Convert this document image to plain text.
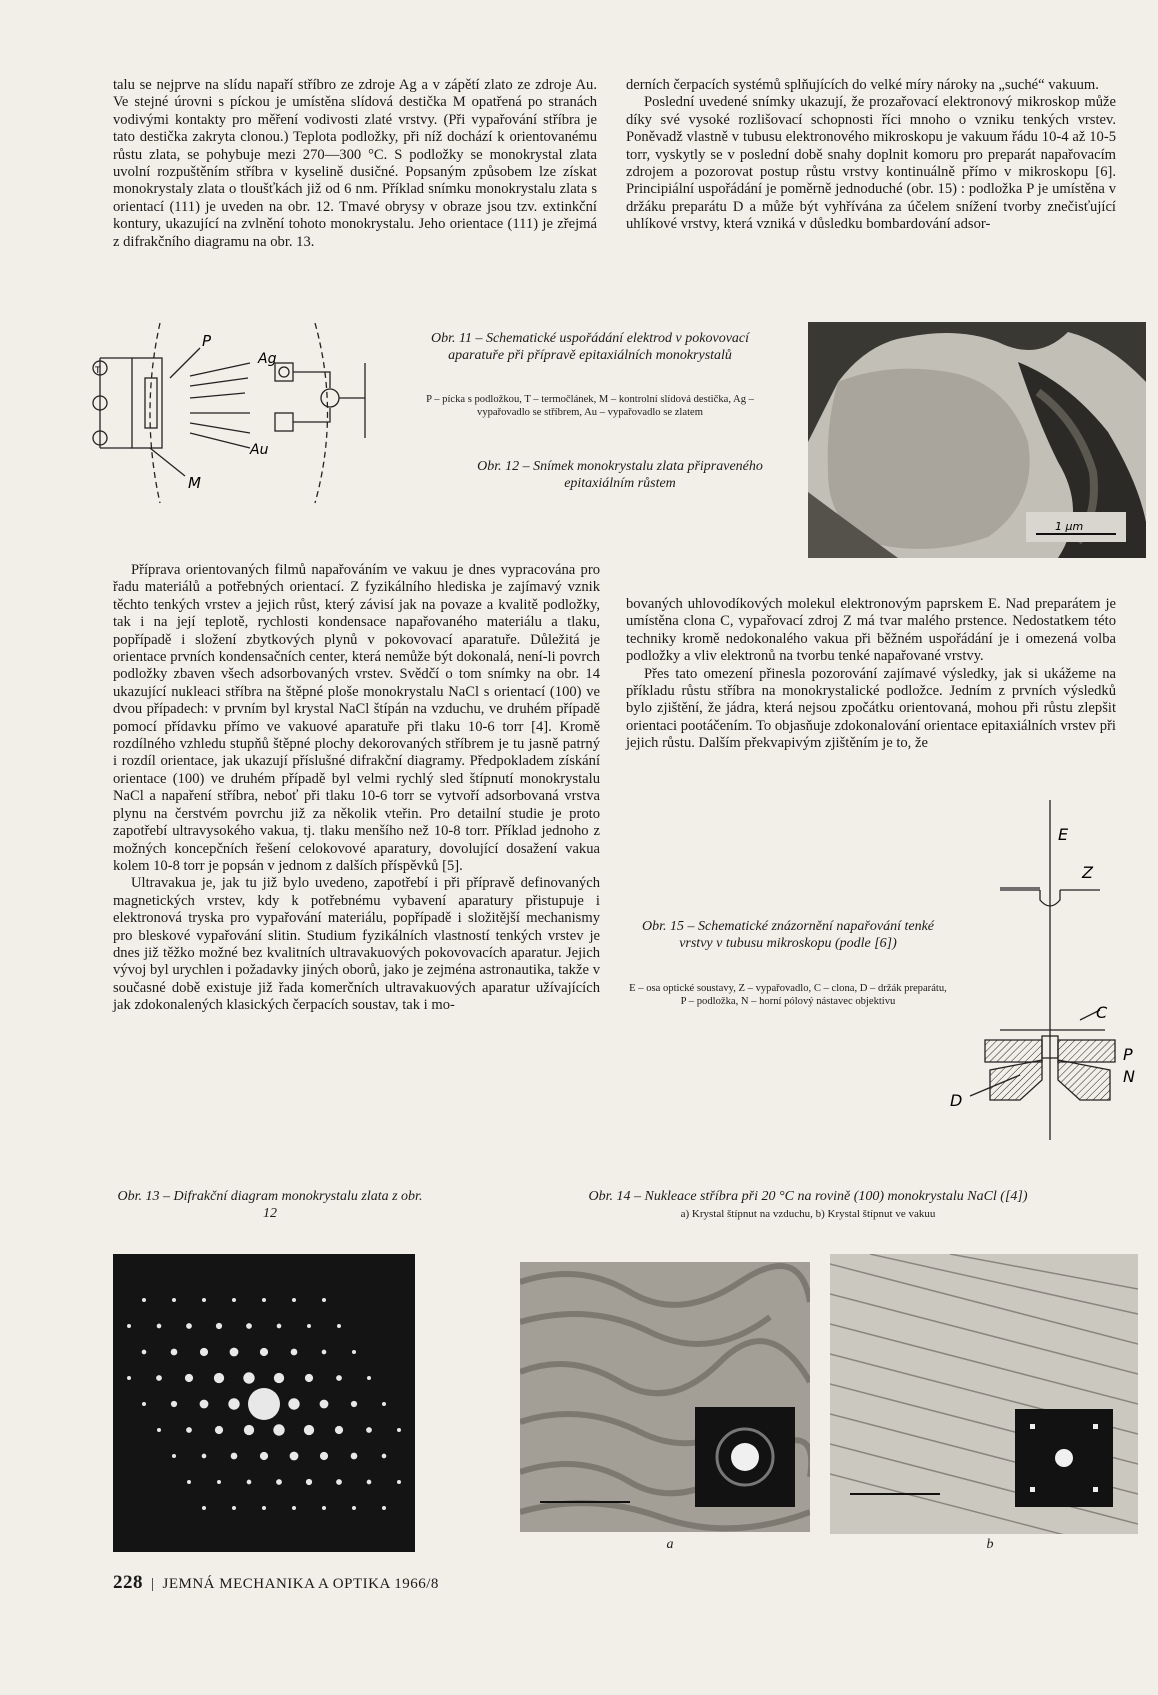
talu se nejprve na slídu napaří stříbro ze zdroje Ag a v zápětí zlato ze zdroje Au. Ve stejné úrovni s píckou je umístěna slídová destička M opatřená po stranách vodivými kontakty pro měření vodivosti zlaté vrstvy. (Při vypařování stříbra je tato destička zakryta clonou.) Teplota podložky, při níž dochází k orientovanému růstu zlata, se pohybuje mezi 270—300 °C. S podložky se monokrystal zlata uvolní rozpuštěním stříbra v kyselině dusičné. Popsaným způsobem lze získat monokrystaly zlata o tloušťkách již od 6 nm. Příklad snímku monokrystalu zlata s orientací (111) je uveden na obr. 12. Tmavé obrysy v obraze jsou tzv. extinkční kontury, ukazující na zvlnění tohoto monokrystalu. Jeho orientace (111) je zřejmá z difrakčního diagramu na obr. 13.

derních čerpacích systémů splňujících do velké míry nároky na „suché“ vakuum.

Poslední uvedené snímky ukazují, že prozařovací elektronový mikroskop může díky své vysoké rozlišovací schopnosti říci mnoho o vzniku tenkých vrstev. Poněvadž vlastně v tubusu elektronového mikroskopu je vakuum řádu 10-4 až 10-5 torr, vyskytly se v poslední době snahy doplnit komoru pro preparát napařovacím zdrojem a pozorovat postup růstu vrstvy kontinuálně přímo v mikroskopu [6]. Principiální uspořádání je poměrně jednoduché (obr. 15) : podložka P je umístěna v držáku preparátu D a může být vyhřívána za účelem snížení tvorby znečisťující uhlíkové vrstvy, která vzniká v důsledku bombardování adsor-

P
Ag
Au
M
T
Obr. 11 – Schematické uspořádání elektrod v pokovovací aparatuře při přípravě epitaxiálních monokrystalů
P – pícka s podložkou, T – termočlánek, M – kontrolní slídová destička, Ag – vypařovadlo se stříbrem, Au – vypařovadlo se zlatem
Obr. 12 – Snímek monokrystalu zlata připraveného epitaxiálním růstem
1 μm

Příprava orientovaných filmů napařováním ve vakuu je dnes vypracována pro řadu materiálů a potřebných orientací. Z fyzikálního hlediska je zajímavý vznik těchto tenkých vrstev a jejich růst, který závisí jak na povaze a kvalitě podložky, tak i na její teplotě, rychlosti kondensace napařovaného materiálu a tlaku, popřípadě i složení zbytkových plynů v pokovovací aparatuře. Důležitá je orientace prvních kondensačních center, která nemůže být dokonalá, není-li povrch podložky zbaven všech adsorbovaných vrstev. Svědčí o tom snímky na obr. 14 ukazující nukleaci stříbra na štěpné ploše monokrystalu NaCl s orientací (100) ve dvou případech: v prvním byl krystal NaCl štípán na vzduchu, ve druhém případě pomocí přídavku přímo ve vakuové aparatuře při tlaku 10-6 torr [4]. Kromě rozdílného vzhledu stupňů štěpné plochy dekorovaných stříbrem je tu jasně patrný i rozdíl orientace, jak ukazují příslušné difrakční diagramy. Předpokladem získání orientace (100) ve druhém případě byl velmi rychlý sled štípnutí monokrystalu NaCl a napaření stříbra, neboť při tlaku 10-6 torr se vytvoří adsorbovaná vrstva plynu na čerstvém povrchu již za několik vteřin. Pro detailní studie je proto zapotřebí ultravysokého vakua, tj. tlaku menšího než 10-8 torr. Příklad jednoho z možných koncepčních řešení celokovové aparatury, dovolující dosažení vakua kolem 10-8 torr je popsán v jednom z dalších příspěvků [5].

Ultravakua je, jak tu již bylo uvedeno, zapotřebí i při přípravě definovaných magnetických vrstev, kdy k potřebnému vybavení aparatury přistupuje i elektronová tryska pro vypařování materiálu, popřípadě i složitější mechanismy pro bleskové vypařování slitin. Studium fyzikálních vlastností tenkých vrstev je dnes již těžko možné bez kvalitních ultravakuových pokovovacích aparatur. Jejich vývoj byl urychlen i požadavky jiných oborů, jako je zejména astronautika, takže v současné době existuje již řada komerčních ultravakuových aparatur užívajících jak zdokonalených klasických čerpacích soustav, tak i mo-

bovaných uhlovodíkových molekul elektronovým paprskem E. Nad preparátem je umístěna clona C, vypařovací zdroj Z má tvar malého prstence. Nedostatkem této techniky kromě nedokonalého vakua při běžném uspořádání je i omezená volba podložky a vliv elektronů na tvorbu tenké napařované vrstvy.

Přes tato omezení přinesla pozorování zajímavé výsledky, jak si ukážeme na příkladu růstu stříbra na monokrystalické podložce. Jedním z prvních výsledků bylo zjištění, že jádra, která nejsou zpočátku orientovaná, mohou při růstu zlepšit orientaci pootáčením. To objasňuje zdokonalování orientace epitaxiálních vrstev při jejich růstu. Dalším překvapivým zjištěním je to, že

Obr. 15 – Schematické znázornění napařování tenké vrstvy v tubusu mikroskopu (podle [6])
E – osa optické soustavy, Z – vypařovadlo, C – clona, D – držák preparátu, P – podložka, N – horní pólový nástavec objektivu
E
Z
C
D
P
N
Obr. 13 – Difrakční diagram monokrystalu zlata z obr. 12
Obr. 14 – Nukleace stříbra při 20 °C na rovině (100) monokrystalu NaCl ([4])
a) Krystal štípnut na vzduchu, b) Krystal štípnut ve vakuu
a	b
228 | JEMNÁ MECHANIKA A OPTIKA 1966/8
